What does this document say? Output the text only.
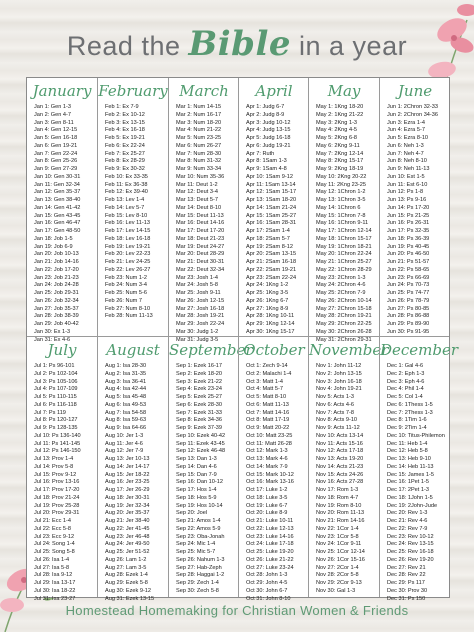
Read the Bible in a year
January
Jan 1: Gen 1-3
Jan 2: Gen 4-7
Jan 3: Gen 8-11
Jan 4: Gen 12-15
Jan 5: Gen 16-18
Jan 6: Gen 19-21
Jan 7: Gen 22-24
Jan 8: Gen 25-26
Jan 9: Gen 27-29
Jan 10: Gen 30-31
Jan 11: Gen 32-34
Jan 12: Gen 35-37
Jan 13: Gen 38-40
Jan 14: Gen 41-42
Jan 15: Gen 43-45
Jan 16: Gen 46-47
Jan 17: Gen 48-50
Jan 18: Job 1-5
Jan 19: Job 6-9
Jan 20: Job 10-13
Jan 21: Job 14-16
Jan 22: Job 17-20
Jan 23: Job 21-23
Jan 24: Job 24-28
Jan 25: Job 29-31
Jan 26: Job 32-34
Jan 27: Job 35-37
Jan 28: Job 38-39
Jan 29: Job 40-42
Jan 30: Ex 1-3
Jan 31: Ex 4-6
February
Feb 1: Ex 7-9
Feb 2: Ex 10-12
Feb 3: Ex 13-15
Feb 4: Ex 16-18
Feb 5: Ex 19-21
Feb 6: Ex 22-24
Feb 7: Ex 25-27
Feb 8: Ex 28-29
Feb 9: Ex 30-32
Feb 10: Ex 33-35
Feb 11: Ex 36-38
Feb 12: Ex 39-40
Feb 13: Lev 1-4
Feb 14: Lev 5-7
Feb 15: Lev 8-10
Feb 16: Lev 11-13
Feb 17: Lev 14-15
Feb 18: Lev 16-18
Feb 19: Lev 19-21
Feb 20: Lev 22-23
Feb 21: Lev 24-25
Feb 22: Lev 26-27
Feb 23: Num 1-2
Feb 24: Num 3-4
Feb 25: Num 5-6
Feb 26: Num 7
Feb 27: Num 8-10
Feb 28: Num 11-13
March
Mar 1: Num 14-15
Mar 2: Num 16-17
Mar 3: Num 18-20
Mar 4: Num 21-22
Mar 5: Num 23-25
Mar 6: Num 26-27
Mar 7: Num 28-30
Mar 8: Num 31-32
Mar 9: Num 33-34
Mar 10: Num 35-36
Mar 11: Deut 1-2
Mar 12: Deut 3-4
Mar 13: Deut 5-7
Mar 14: Deut 8-10
Mar 15: Deut 11-13
Mar 16: Deut 14-16
Mar 17: Deut 17-20
Mar 18: Deut 21-23
Mar 19: Deut 24-27
Mar 20: Deut 28-29
Mar 21: Deut 30-31
Mar 22: Deut 32-34
Mar 23: Josh 1-4
Mar 24: Josh 5-8
Mar 25: Josh 9-11
Mar 26: Josh 12-15
Mar 27: Josh 16-18
Mar 28: Josh 19-21
Mar 29: Josh 22-24
Mar 30: Judg 1-2
Mar 31: Judg 3-5
April
Apr 1: Judg 6-7
Apr 2: Judg 8-9
Apr 3: Judg 10-12
Apr 4: Judg 13-15
Apr 5: Judg 16-18
Apr 6: Judg 19-21
Apr 7: Ruth
Apr 8: 1Sam 1-3
Apr 9: 1Sam 4-8
Apr 10: 1Sam 9-12
Apr 11: 1Sam 13-14
Apr 12: 1Sam 15-17
Apr 13: 1Sam 18-20
Apr 14: 1Sam 21-24
Apr 15: 1Sam 25-27
Apr 16: 1Sam 28-31
Apr 17: 2Sam 1-4
Apr 18: 2Sam 5-7
Apr 19: 2Sam 8-12
Apr 20: 2Sam 13-15
Apr 21: 2Sam 16-18
Apr 22: 2Sam 19-21
Apr 23: 2Sam 22-24
Apr 24: 1Kng 1-2
Apr 25: 1Kng 3-5
Apr 26: 1Kng 6-7
Apr 27: 1Kng 8-9
Apr 28: 1Kng 10-11
Apr 29: 1Kng 12-14
Apr 30: 1Kng 15-17
May
May 1: 1Kng 18-20
May 2: 1Kng 21-22
May 3: 2Kng 1-3
May 4: 2Kng 4-5
May 5: 2Kng 6-8
May 6: 2Kng 9-11
May 7: 2Kng 12-14
May 8: 2Kng 15-17
May 9: 2Kng 18-19
May 10: 2Kng 20-22
May 11: 2Kng 23-25
May 12: 1Chron 1-2
May 13: 1Chron 3-5
May 14: 1Chron 6
May 15: 1Chron 7-8
May 16: 1Chron 9-11
May 17: 1Chron 12-14
May 18: 1Chron 15-17
May 19: 1Chron 18-21
May 20: 1Chron 22-24
May 21: 1Chron 25-27
May 22: 1Chron 28-29
May 23: 2Chron 1-3
May 24: 2Chron 4-6
May 25: 2Chron 7-9
May 26: 2Chron 10-14
May 27: 2Chron 15-18
May 28: 2Chron 19-21
May 29: 2Chron 22-25
May 30: 2Chron 26-28
May 31: 2Chron 29-31
June
Jun 1: 2Chron 32-33
Jun 2: 2Chron 34-36
Jun 3: Ezra 1-4
Jun 4: Ezra 5-7
Jun 5: Ezra 8-10
Jun 6: Neh 1-3
Jun 7: Neh 4-7
Jun 8: Neh 8-10
Jun 9: Neh 11-13
Jun 10: Est 1-5
Jun 11: Est 6-10
Jun 12: Ps 1-8
Jun 13: Ps 9-16
Jun 14: Ps 17-20
Jun 15: Ps 21-25
Jun 16: Ps 26-31
Jun 17: Ps 32-35
Jun 18: Ps 36-39
Jun 19: Ps 40-45
Jun 20: Ps 46-50
Jun 21: Ps 51-57
Jun 22: Ps 58-65
Jun 23: Ps 66-69
Jun 24: Ps 70-73
Jun 25: Ps 74-77
Jun 26: Ps 78-79
Jun 27: Ps 80-85
Jun 28: Ps 86-88
Jun 29: Ps 89-90
Jun 30: Ps 91-95
July
Jul 1: Ps 96-101
Jul 2: Ps 102-104
Jul 3: Ps 105-106
Jul 4: Ps 107-109
Jul 5: Ps 110-115
Jul 6: Ps 116-118
Jul 7: Ps 119
Jul 8: Ps 120-127
Jul 9: Ps 128-135
Jul 10: Ps 136-140
Jul 11: Ps 141-145
Jul 12: Ps 146-150
Jul 13: Prov 1-4
Jul 14: Prov 5-8
Jul 15: Prov 9-12
Jul 16: Prov 13-16
Jul 17: Prov 17-20
Jul 18: Prov 21-24
Jul 19: Prov 25-28
Jul 20: Prov 29-31
Jul 21: Ecc 1-4
Jul 22: Ecc 5-8
Jul 23: Ecc 9-12
Jul 24: Song 1-4
Jul 25: Song 5-8
Jul 26: Isa 1-4
Jul 27: Isa 5-8
Jul 28: Isa 9-12
Jul 29: Isa 13-17
Jul 30: Isa 18-22
Jul 31: Isa 23-27
August
Aug 1: Isa 28-30
Aug 2: Isa 31-35
Aug 3: Isa 36-41
Aug 4: Isa 42-44
Aug 5: Isa 45-48
Aug 6: Isa 49-53
Aug 7: Isa 54-58
Aug 8: Isa 59-63
Aug 9: Isa 64-66
Aug 10: Jer 1-3
Aug 11: Jer 4-6
Aug 12: Jer 7-9
Aug 13: Jer 10-13
Aug 14: Jer 14-17
Aug 15: Jer 18-22
Aug 16: Jer 23-25
Aug 17: Jer 26-29
Aug 18: Jer 30-31
Aug 19: Jer 32-34
Aug 20: Jer 35-37
Aug 21: Jer 38-40
Aug 22: Jer 41-45
Aug 23: Jer 46-48
Aug 24: Jer 49-50
Aug 25: Jer 51-52
Aug 26: Lam 1-2
Aug 27: Lam 3-5
Aug 28: Ezek 1-4
Aug 29: Ezek 5-8
Aug 30: Ezek 9-12
Aug 31: Ezek 13-15
September
Sep 1: Ezek 16-17
Sep 2: Ezek 18-20
Sep 3: Ezek 21-22
Sep 4: Ezek 23-24
Sep 5: Ezek 25-27
Sep 6: Ezek 28-30
Sep 7: Ezek 31-33
Sep 8: Ezek 34-36
Sep 9: Ezek 37-39
Sep 10: Ezek 40-42
Sep 11: Ezek 43-45
Sep 12: Ezek 46-48
Sep 13: Dan 1-3
Sep 14: Dan 4-6
Sep 15: Dan 7-9
Sep 16: Dan 10-12
Sep 17: Hos 1-4
Sep 18: Hos 5-9
Sep 19: Hos 10-14
Sep 20: Joel
Sep 21: Amos 1-4
Sep 22: Amos 5-9
Sep 23: Oba-Jonah
Sep 24: Mic 1-4
Sep 25: Mic 5-7
Sep 26: Nahum 1-3
Sep 27: Hab-Zeph
Sep 28: Haggai 1-2
Sep 29: Zech 1-4
Sep 30: Zech 5-8
October
Oct 1: Zech 9-14
Oct 2: Malachi 1-4
Oct 3: Matt 1-4
Oct 4: Matt 5-7
Oct 5: Matt 8-10
Oct 6: Matt 11-13
Oct 7: Matt 14-16
Oct 8: Matt 17-19
Oct 9: Matt 20-22
Oct 10: Matt 23-25
Oct 11: Matt 26-28
Oct 12: Mark 1-3
Oct 13: Mark 4-6
Oct 14: Mark 7-9
Oct 15: Mark 10-12
Oct 16: Mark 13-16
Oct 17: Luke 1-2
Oct 18: Luke 3-5
Oct 19: Luke 6-7
Oct 20: Luke 8-9
Oct 21: Luke 10-11
Oct 22: Luke 12-13
Oct 23: Luke 14-16
Oct 24: Luke 17-18
Oct 25: Luke 19-20
Oct 26: Luke 21-22
Oct 27: Luke 23-24
Oct 28: John 1-3
Oct 29: John 4-5
Oct 30: John 6-7
Oct 31: John 8-10
November
Nov 1: John 11-12
Nov 2: John 13-15
Nov 3: John 16-18
Nov 4: John 19-21
Nov 5: Acts 1-3
Nov 6: Acts 4-6
Nov 7: Acts 7-8
Nov 8: Acts 9-10
Nov 9: Acts 11-12
Nov 10: Acts 13-14
Nov 11: Acts 15-16
Nov 12: Acts 17-18
Nov 13: Acts 19-20
Nov 14: Acts 21-23
Nov 15: Acts 24-26
Nov 16: Acts 27-28
Nov 17: Rom 1-3
Nov 18: Rom 4-7
Nov 19: Rom 8-10
Nov 20: Rom 11-13
Nov 21: Rom 14-16
Nov 22: 1Cor 1-4
Nov 23: 1Cor 5-8
Nov 24: 1Cor 9-11
Nov 25: 1Cor 12-14
Nov 26: 1Cor 15-16
Nov 27: 2Cor 1-4
Nov 28: 2Cor 5-8
Nov 29: 2Cor 9-13
Nov 30: Gal 1-3
December
Dec 1: Gal 4-6
Dec 2: Eph 1-3
Dec 3: Eph 4-6
Dec 4: Phil 1-4
Dec 5: Col 1-4
Dec 6: 1Thess 1-5
Dec 7: 2Thess 1-3
Dec 8: 1Tim 1-6
Dec 9: 2Tim 1-4
Dec 10: Titus-Philemon
Dec 11: Heb 1-4
Dec 12: Heb 5-8
Dec 13: Heb 9-10
Dec 14: Heb 11-13
Dec 15: James 1-5
Dec 16: 1Pet 1-5
Dec 17: 2Pet 1-3
Dec 18: 1John 1-5
Dec 19: 2John-Jude
Dec 20: Rev 1-3
Dec 21: Rev 4-6
Dec 22: Rev 7-9
Dec 23: Rev 10-12
Dec 24: Rev 13-15
Dec 25: Rev 16-18
Dec 26: Rev 19-20
Dec 27: Rev 21
Dec 28: Rev 22
Dec 29: Ps 117
Dec 30: Prov 30
Dec 31: Ps 150
Homestead Homemaking for Christian Women & Friends
